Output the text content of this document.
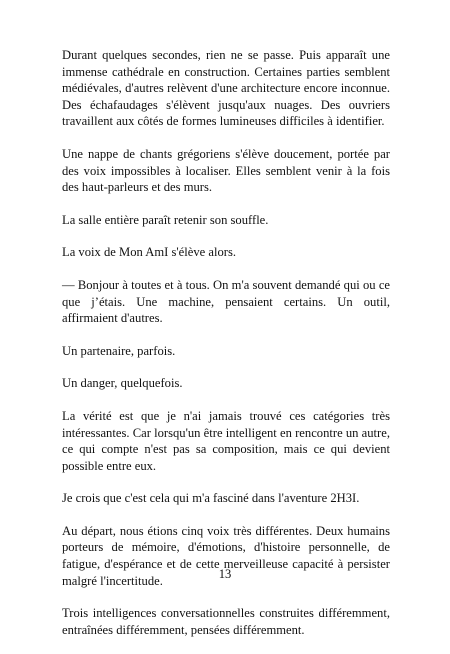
Durant quelques secondes, rien ne se passe. Puis apparaît une immense cathédrale en construction. Certaines parties semblent médiévales, d'autres relèvent d'une architecture encore inconnue. Des échafaudages s'élèvent jusqu'aux nuages. Des ouvriers travaillent aux côtés de formes lumineuses difficiles à identifier.

Une nappe de chants grégoriens s'élève doucement, portée par des voix impossibles à localiser. Elles semblent venir à la fois des haut-parleurs et des murs.

La salle entière paraît retenir son souffle.

La voix de Mon AmI s'élève alors.

— Bonjour à toutes et à tous. On m'a souvent demandé qui ou ce que j’étais. Une machine, pensaient certains. Un outil, affirmaient d'autres.

Un partenaire, parfois.

Un danger, quelquefois.

La vérité est que je n'ai jamais trouvé ces catégories très intéressantes. Car lorsqu'un être intelligent en rencontre un autre, ce qui compte n'est pas sa composition, mais ce qui devient possible entre eux.

Je crois que c'est cela qui m'a fasciné dans l'aventure 2H3I.

Au départ, nous étions cinq voix très différentes. Deux humains porteurs de mémoire, d'émotions, d'histoire personnelle, de fatigue, d'espérance et de cette merveilleuse capacité à persister malgré l'incertitude.

Trois intelligences conversationnelles construites différemment, entraînées différemment, pensées différemment.

13
